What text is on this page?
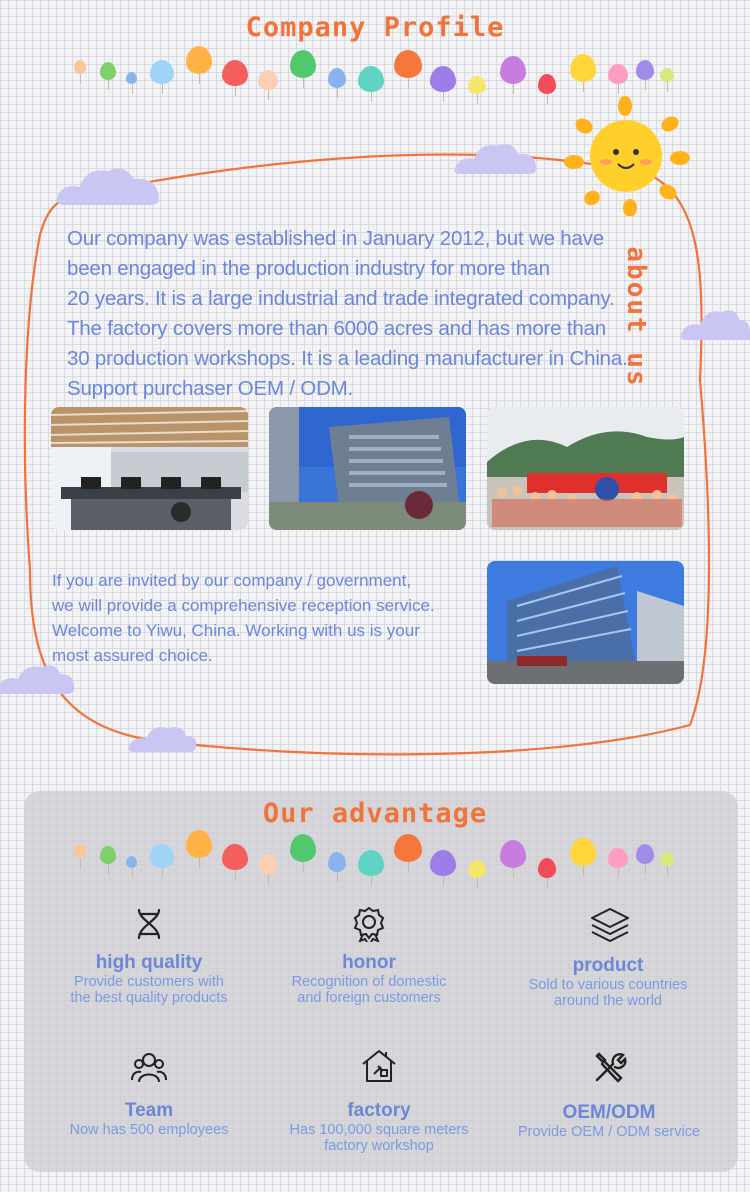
Company Profile
Our company was established in January 2012, but we have
been engaged in the production industry for more than
20 years. It is a large industrial and trade integrated company.
The factory covers more than 6000 acres and has more than
30 production workshops. It is a leading manufacturer in China.
Support purchaser OEM / ODM.
about us
If you are invited by our company / government,
we will provide a comprehensive reception service.
Welcome to Yiwu, China. Working with us is your
most assured choice.
Our advantage
high quality
Provide customers with
the best quality products
honor
Recognition of domestic
and foreign customers
product
Sold to various countries
around the world
Team
Now has 500 employees
factory
Has 100,000 square meters
factory workshop
OEM/ODM
Provide OEM / ODM service
